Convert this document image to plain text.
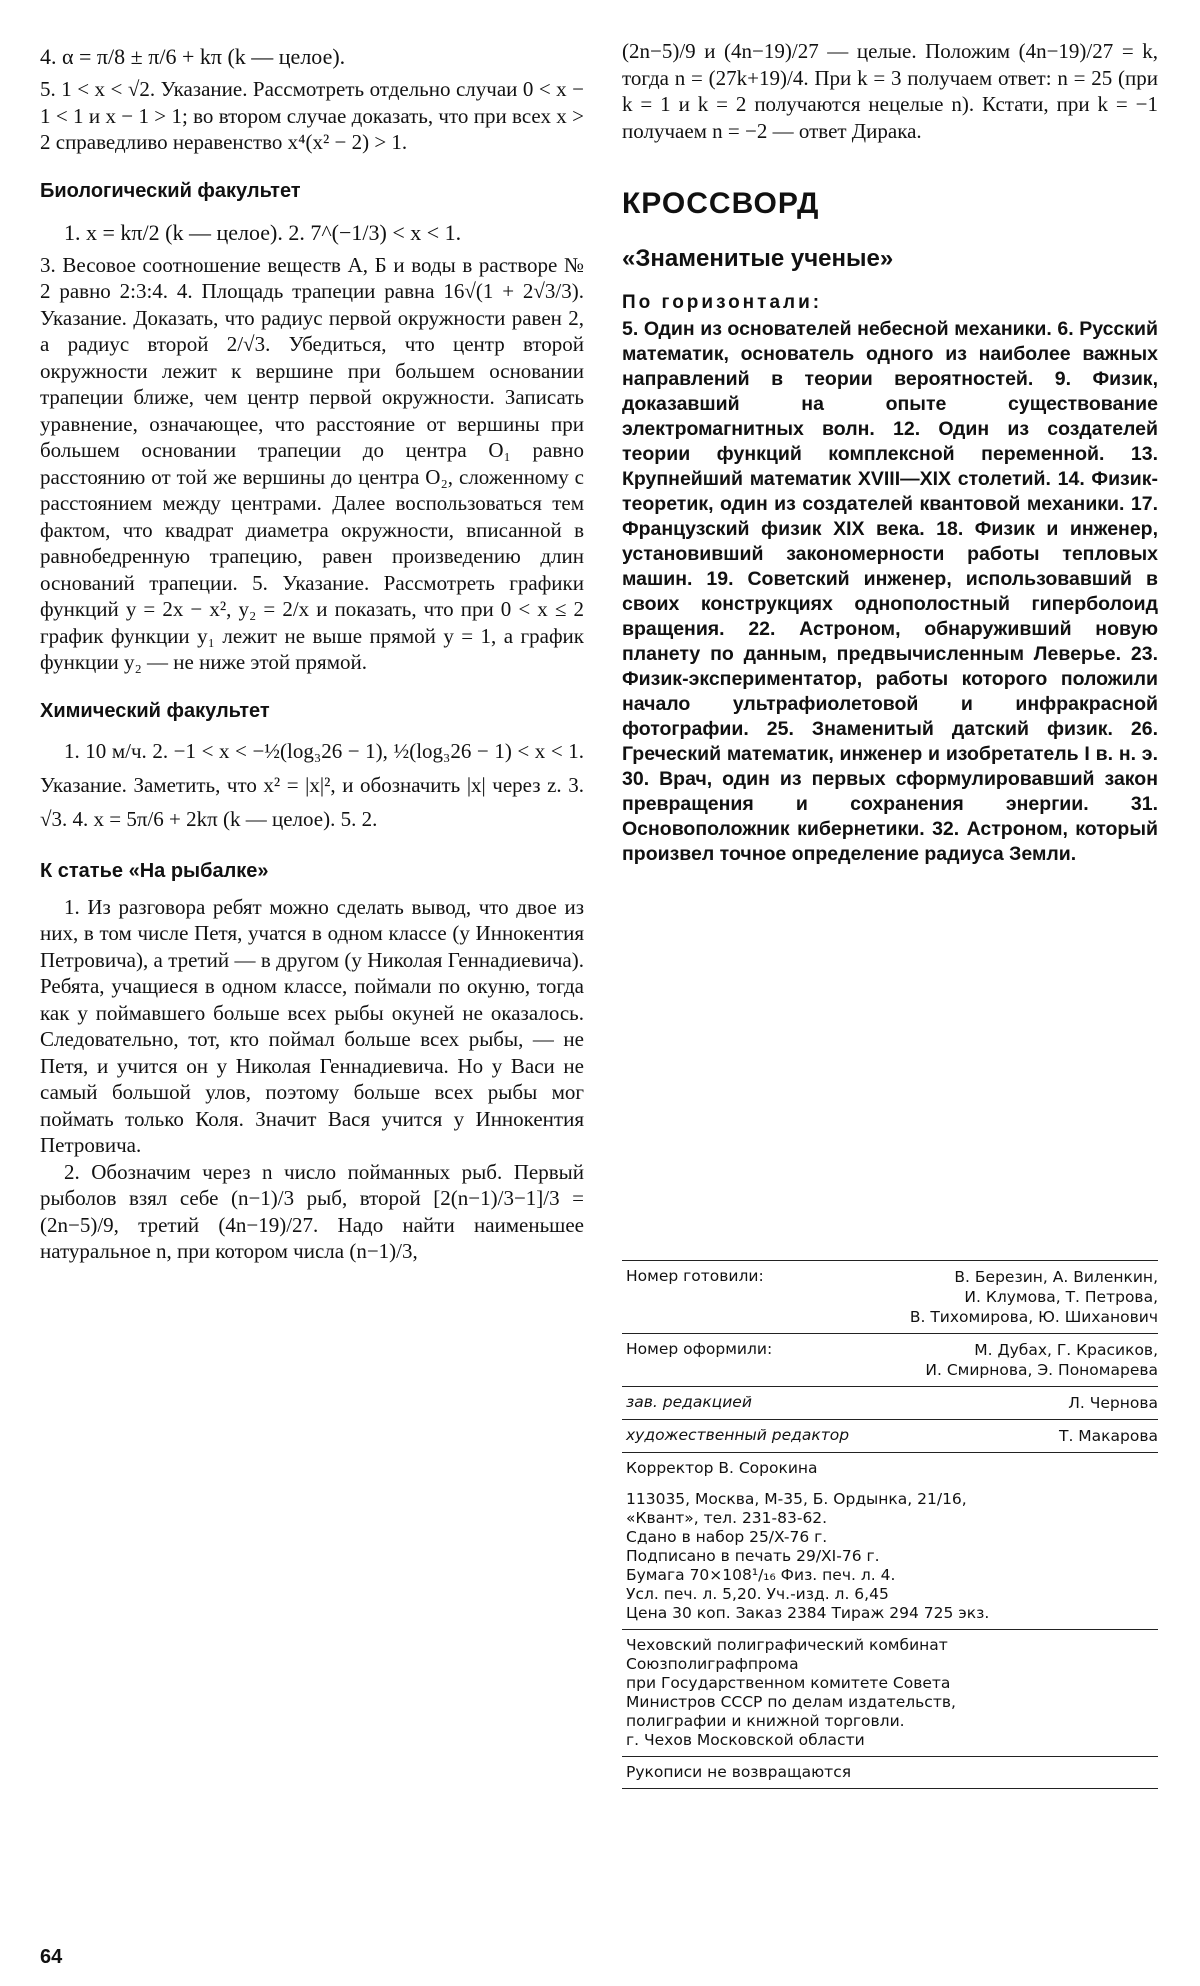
4. α = π/8 ± π/6 + kπ (k — целое).

5. 1 < x < √2. Указание. Рассмотреть отдельно случаи 0 < x − 1 < 1 и x − 1 > 1; во втором случае доказать, что при всех x > 2 справедливо неравенство x⁴(x² − 2) > 1.

Биологический факультет

1. x = kπ/2 (k — целое). 2. 7^(−1/3) < x < 1.

3. Весовое соотношение веществ А, Б и воды в растворе № 2 равно 2:3:4. 4. Площадь трапеции равна 16√(1 + 2√3/3). Указание. Доказать, что радиус первой окружности равен 2, а радиус второй 2/√3. Убедиться, что центр второй окружности лежит к вершине при большем основании трапеции ближе, чем центр первой окружности. Записать уравнение, означающее, что расстояние от вершины при большем основании трапеции до центра O₁ равно расстоянию от той же вершины до центра O₂, сложенному с расстоянием между центрами. Далее воспользоваться тем фактом, что квадрат диаметра окружности, вписанной в равнобедренную трапецию, равен произведению длин оснований трапеции. 5. Указание. Рассмотреть графики функций y = 2x − x², y₂ = 2/x и показать, что при 0 < x ≤ 2 график функции y₁ лежит не выше прямой y = 1, а график функции y₂ — не ниже этой прямой.

Химический факультет

1. 10 м/ч. 2. −1 < x < −½(log₃26 − 1), ½(log₃26 − 1) < x < 1. Указание. Заметить, что x² = |x|², и обозначить |x| через z. 3. √3. 4. x = 5π/6 + 2kπ (k — целое). 5. 2.

К статье «На рыбалке»

1. Из разговора ребят можно сделать вывод, что двое из них, в том числе Петя, учатся в одном классе (у Иннокентия Петровича), а третий — в другом (у Николая Геннадиевича). Ребята, учащиеся в одном классе, поймали по окуню, тогда как у поймавшего больше всех рыбы окуней не оказалось. Следовательно, тот, кто поймал больше всех рыбы, — не Петя, и учится он у Николая Геннадиевича. Но у Васи не самый большой улов, поэтому больше всех рыбы мог поймать только Коля. Значит Вася учится у Иннокентия Петровича.

2. Обозначим через n число пойманных рыб. Первый рыболов взял себе (n−1)/3 рыб, второй [2(n−1)/3−1]/3 = (2n−5)/9, третий (4n−19)/27. Надо найти наименьшее натуральное n, при котором числа (n−1)/3,

(2n−5)/9 и (4n−19)/27 — целые. Положим (4n−19)/27 = k, тогда n = (27k+19)/4. При k = 3 получаем ответ: n = 25 (при k = 1 и k = 2 получаются нецелые n). Кстати, при k = −1 получаем n = −2 — ответ Дирака.

КРОССВОРД

«Знаменитые ученые»

По горизонтали:

5. Один из основателей небесной механики. 6. Русский математик, основатель одного из наиболее важных направлений в теории вероятностей. 9. Физик, доказавший на опыте существование электромагнитных волн. 12. Один из создателей теории функций комплексной переменной. 13. Крупнейший математик XVIII—XIX столетий. 14. Физик-теоретик, один из создателей квантовой механики. 17. Французский физик XIX века. 18. Физик и инженер, установивший закономерности работы тепловых машин. 19. Советский инженер, использовавший в своих конструкциях однополостный гиперболоид вращения. 22. Астроном, обнаруживший новую планету по данным, предвычисленным Леверье. 23. Физик-экспериментатор, работы которого положили начало ультрафиолетовой и инфракрасной фотографии. 25. Знаменитый датский физик. 26. Греческий математик, инженер и изобретатель I в. н. э. 30. Врач, один из первых сформулировавший закон превращения и сохранения энергии. 31. Основоположник кибернетики. 32. Астроном, который произвел точное определение радиуса Земли.

Номер готовили:	В. Березин, А. Виленкин,
И. Клумова, Т. Петрова,
В. Тихомирова, Ю. Шиханович
Номер оформили:	М. Дубах, Г. Красиков,
И. Смирнова, Э. Пономарева
зав. редакцией	Л. Чернова
художественный редактор	Т. Макарова
Корректор В. Сорокина
113035, Москва, М-35, Б. Ордынка, 21/16,
«Квант», тел. 231-83-62.
Сдано в набор 25/X-76 г.
Подписано в печать 29/XI-76 г.
Бумага 70×108¹/₁₆ Физ. печ. л. 4.
Усл. печ. л. 5,20. Уч.-изд. л. 6,45
Цена 30 коп. Заказ 2384 Тираж 294 725 экз.
Чеховский полиграфический комбинат
Союзполиграфпрома
при Государственном комитете Совета
Министров СССР по делам издательств,
полиграфии и книжной торговли.
г. Чехов Московской области
Рукописи не возвращаются
64
